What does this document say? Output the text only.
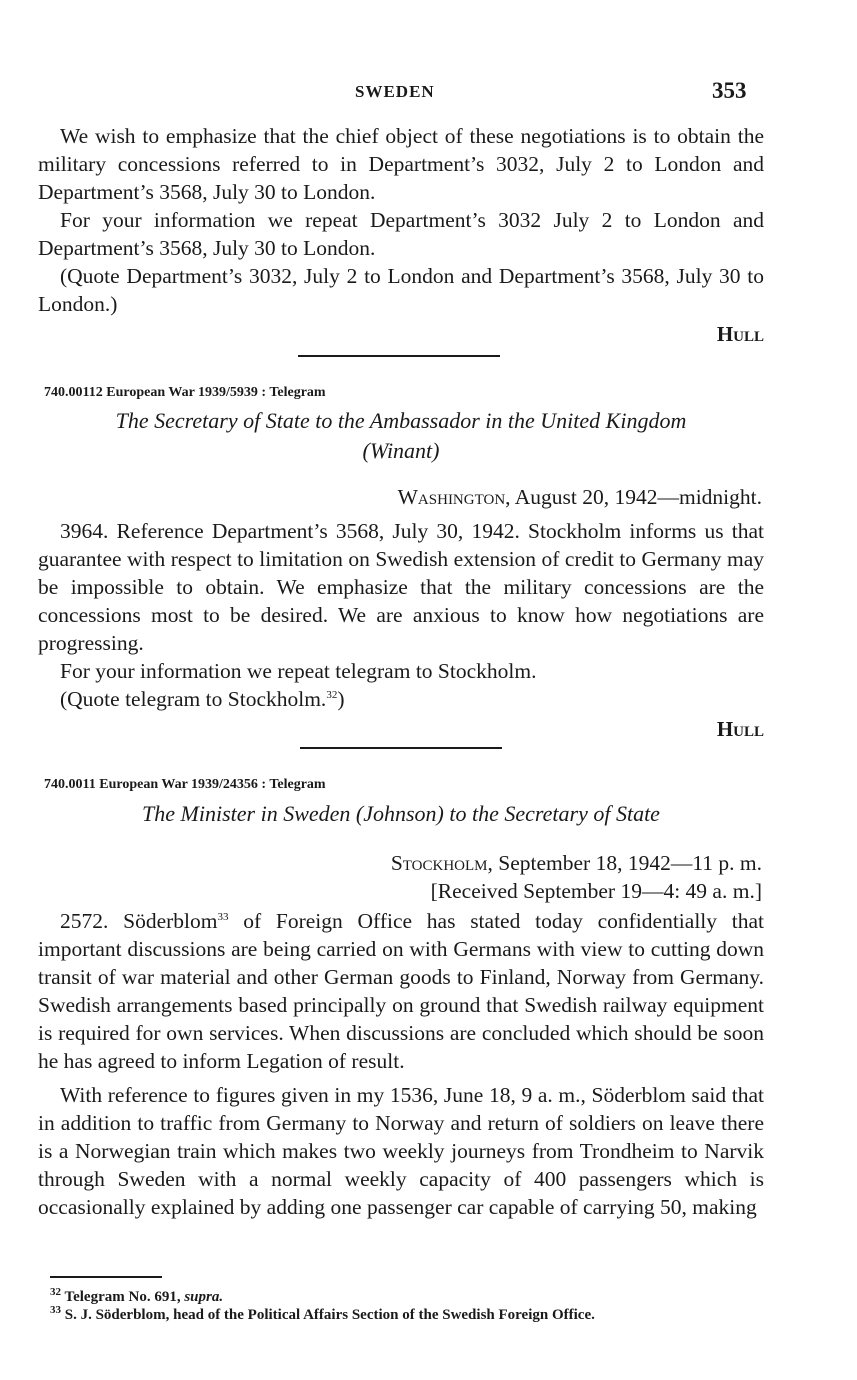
SWEDEN	353

We wish to emphasize that the chief object of these negotiations is to obtain the military concessions referred to in Department’s 3032, July 2 to London and Department’s 3568, July 30 to London.

For your information we repeat Department’s 3032 July 2 to London and Department’s 3568, July 30 to London.

(Quote Department’s 3032, July 2 to London and Department’s 3568, July 30 to London.)

Hull
740.00112 European War 1939/5939 : Telegram
The Secretary of State to the Ambassador in the United Kingdom
(Winant)
Washington, August 20, 1942—midnight.

3964. Reference Department’s 3568, July 30, 1942. Stockholm informs us that guarantee with respect to limitation on Swedish extension of credit to Germany may be impossible to obtain. We emphasize that the military concessions are the concessions most to be desired. We are anxious to know how negotiations are progressing.

For your information we repeat telegram to Stockholm.

(Quote telegram to Stockholm.$^{32}$)

Hull
740.0011 European War 1939/24356 : Telegram
The Minister in Sweden (Johnson) to the Secretary of State
Stockholm, September 18, 1942—11 p. m.
[Received September 19—4: 49 a. m.]

2572. Söderblom$^{33}$ of Foreign Office has stated today confidentially that important discussions are being carried on with Germans with view to cutting down transit of war material and other German goods to Finland, Norway from Germany. Swedish arrangements based principally on ground that Swedish railway equipment is required for own services. When discussions are concluded which should be soon he has agreed to inform Legation of result.

With reference to figures given in my 1536, June 18, 9 a. m., Söderblom said that in addition to traffic from Germany to Norway and return of soldiers on leave there is a Norwegian train which makes two weekly journeys from Trondheim to Narvik through Sweden with a normal weekly capacity of 400 passengers which is occasionally explained by adding one passenger car capable of carrying 50, making

$^{32}$ Telegram No. 691, supra.
$^{33}$ S. J. Söderblom, head of the Political Affairs Section of the Swedish Foreign Office.
